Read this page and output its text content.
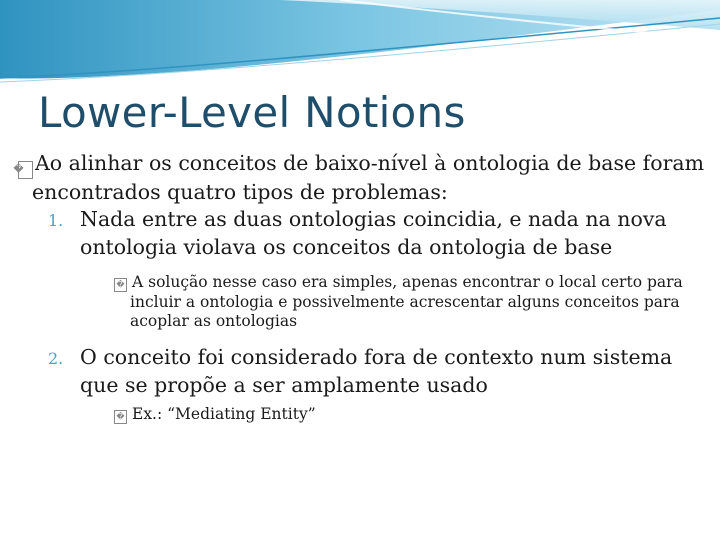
Lower-Level Notions

� Ao alinhar os conceitos de baixo-nível à ontologia de base foram encontrados quatro tipos de problemas:

1. Nada entre as duas ontologias coincidia, e nada na nova ontologia violava os conceitos da ontologia de base

� A solução nesse caso era simples, apenas encontrar o local certo para incluir a ontologia e possivelmente acrescentar alguns conceitos para acoplar as ontologias

2. O conceito foi considerado fora de contexto num sistema que se propõe a ser amplamente usado

� Ex.: “Mediating Entity”
